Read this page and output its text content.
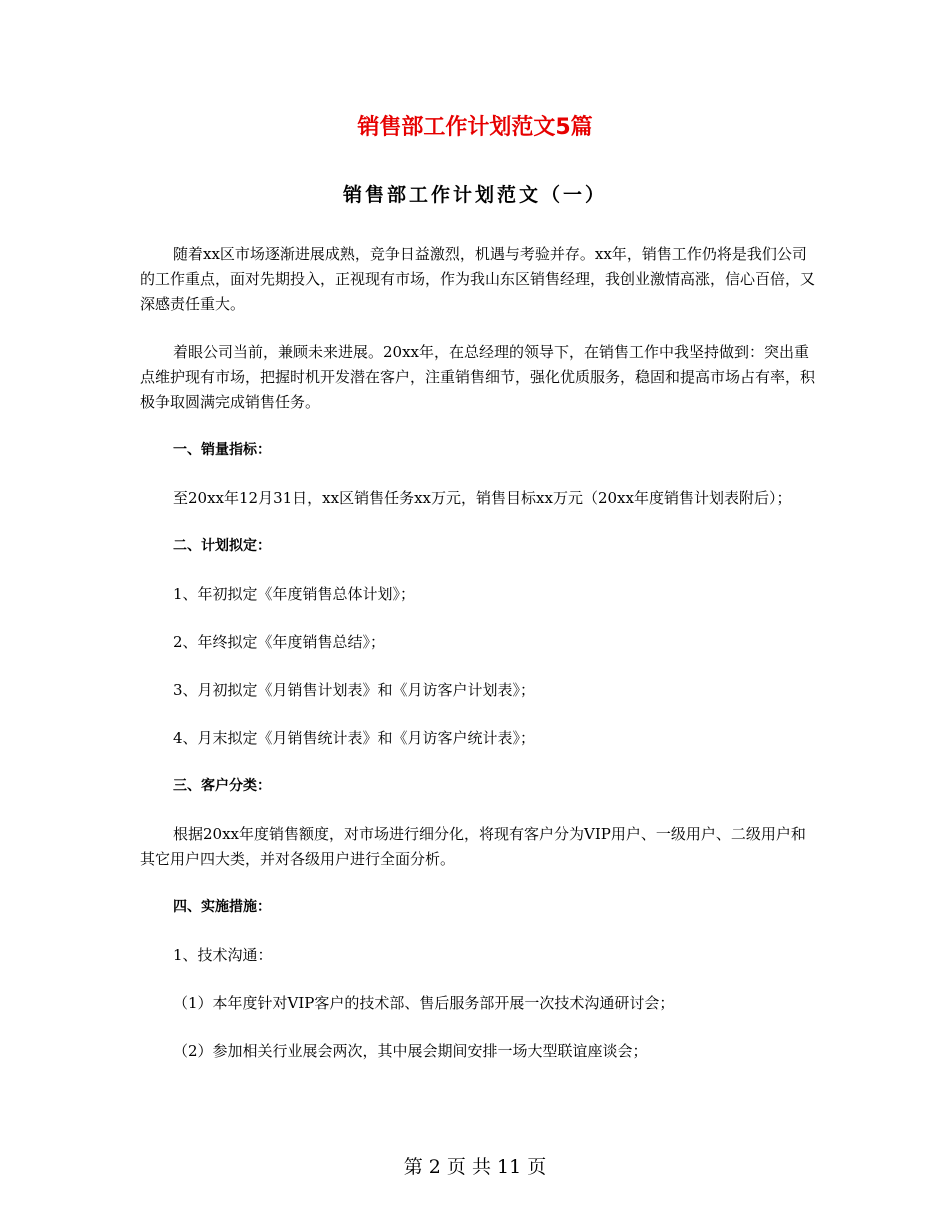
销售部工作计划范文5篇
销售部工作计划范文（一）

随着xx区市场逐渐进展成熟，竞争日益激烈，机遇与考验并存。xx年，销售工作仍将是我们公司的工作重点，面对先期投入，正视现有市场，作为我山东区销售经理，我创业激情高涨，信心百倍，又深感责任重大。

着眼公司当前，兼顾未来进展。20xx年，在总经理的领导下，在销售工作中我坚持做到：突出重点维护现有市场，把握时机开发潜在客户，注重销售细节，强化优质服务，稳固和提高市场占有率，积极争取圆满完成销售任务。

一、销量指标：

至20xx年12月31日，xx区销售任务xx万元，销售目标xx万元（20xx年度销售计划表附后）；

二、计划拟定：

1、年初拟定《年度销售总体计划》；

2、年终拟定《年度销售总结》；

3、月初拟定《月销售计划表》和《月访客户计划表》；

4、月末拟定《月销售统计表》和《月访客户统计表》；

三、客户分类：

根据20xx年度销售额度，对市场进行细分化，将现有客户分为VIP用户、一级用户、二级用户和其它用户四大类，并对各级用户进行全面分析。

四、实施措施：

1、技术沟通：

（1）本年度针对VIP客户的技术部、售后服务部开展一次技术沟通研讨会；

（2）参加相关行业展会两次，其中展会期间安排一场大型联谊座谈会；

第 2 页 共 11 页
